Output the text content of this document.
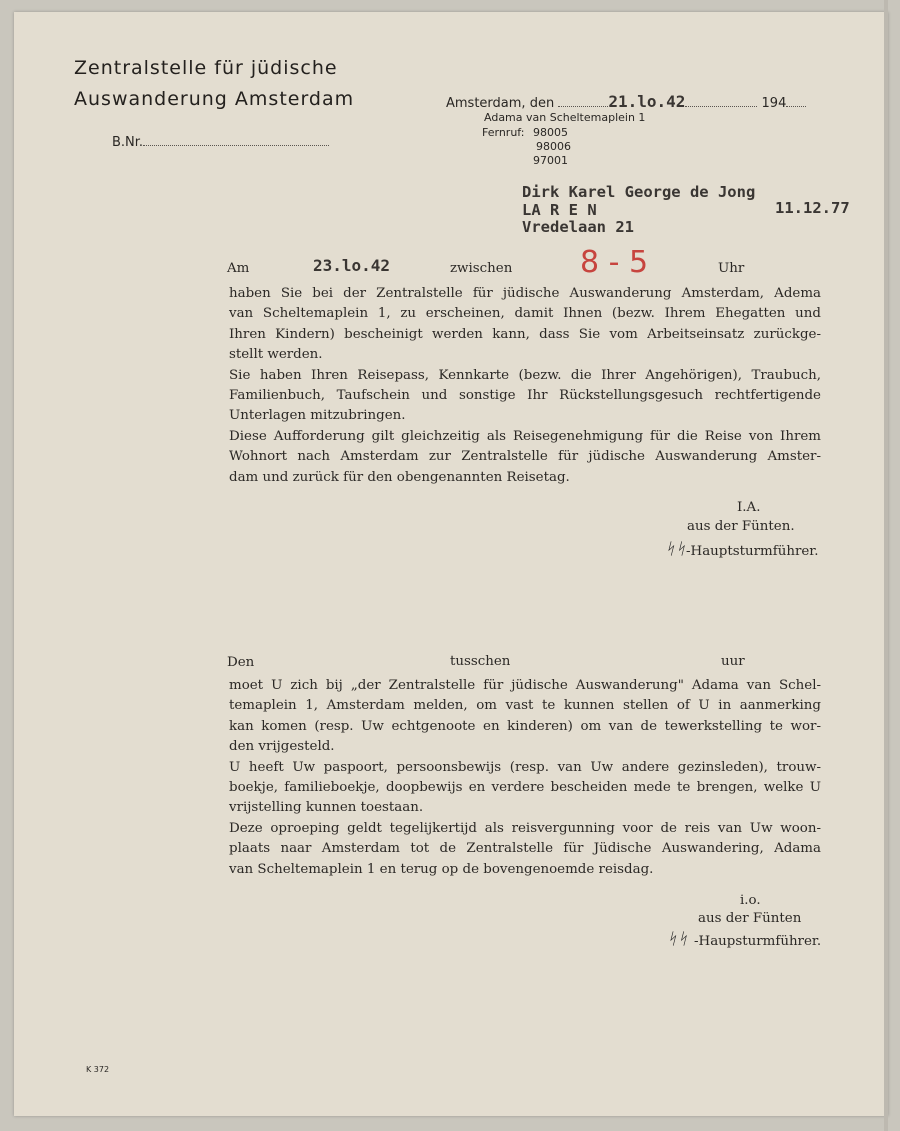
Zentralstelle für jüdische
Auswanderung Amsterdam
B.Nr.
Amsterdam, den	21.lo.42	194
Adama van Scheltemaplein 1
Fernruf: 98005
98006
97001
Dirk Karel George de Jong
LA R E N	11.12.77
Vredelaan 21
Am	23.lo.42	zwischen 8 - 5	Uhr
haben Sie bei der Zentralstelle für jüdische Auswanderung Amsterdam, Adema
van Scheltemaplein 1, zu erscheinen, damit Ihnen (bezw. Ihrem Ehegatten und
Ihren Kindern) bescheinigt werden kann, dass Sie vom Arbeitseinsatz zurückge-
stellt werden.
Sie haben Ihren Reisepass, Kennkarte (bezw. die Ihrer Angehörigen), Traubuch,
Familienbuch, Taufschein und sonstige Ihr Rückstellungsgesuch rechtfertigende
Unterlagen mitzubringen.
Diese Aufforderung gilt gleichzeitig als Reisegenehmigung für die Reise von Ihrem
Wohnort nach Amsterdam zur Zentralstelle für jüdische Auswanderung Amster-
dam und zurück für den obengenannten Reisetag.
I.A.
aus der Fünten.
ᛋᛋ -Hauptsturmführer.
Den	tusschen	uur
moet U zich bij „der Zentralstelle für jüdische Auswanderung" Adama van Schel-
temaplein 1, Amsterdam melden, om vast te kunnen stellen of U in aanmerking
kan komen (resp. Uw echtgenoote en kinderen) om van de tewerkstelling te wor-
den vrijgesteld.
U heeft Uw paspoort, persoonsbewijs (resp. van Uw andere gezinsleden), trouw-
boekje, familieboekje, doopbewijs en verdere bescheiden mede te brengen, welke U
vrijstelling kunnen toestaan.
Deze oproeping geldt tegelijkertijd als reisvergunning voor de reis van Uw woon-
plaats naar Amsterdam tot de Zentralstelle für Jüdische Auswandering, Adama
van Scheltemaplein 1 en terug op de bovengenoemde reisdag.
i.o.
aus der Fünten
ᛋᛋ -Haupsturmführer.
K 372
